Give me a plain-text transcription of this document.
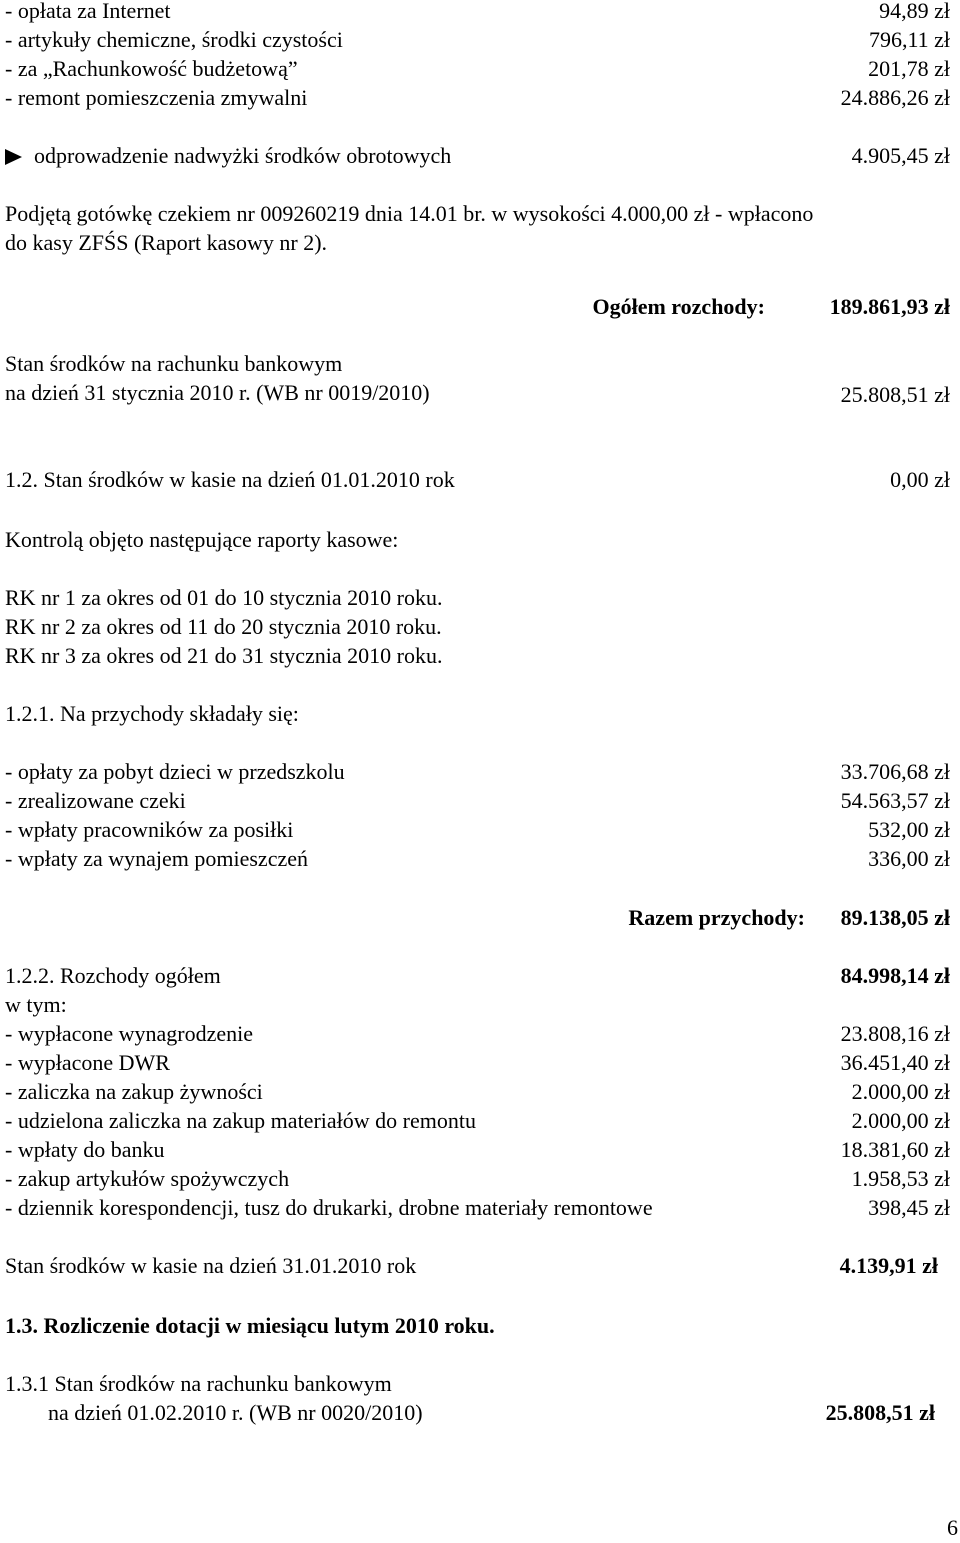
- opłata za Internet	94,89 zł
- artykuły chemiczne, środki czystości	796,11 zł
- za „Rachunkowość budżetową”	201,78 zł
- remont pomieszczenia zmywalni	24.886,26 zł
odprowadzenie nadwyżki środków obrotowych	4.905,45 zł
Podjętą gotówkę czekiem nr 009260219 dnia 14.01 br. w wysokości 4.000,00 zł - wpłacono
do kasy ZFŚS (Raport kasowy nr 2).
Ogółem rozchody:	189.861,93 zł
Stan środków na rachunku bankowym
na dzień 31 stycznia 2010 r. (WB nr 0019/2010)	25.808,51 zł
1.2. Stan środków w kasie na dzień 01.01.2010 rok	0,00 zł
Kontrolą objęto następujące raporty kasowe:
RK nr 1 za okres od 01 do 10 stycznia 2010 roku.
RK nr 2 za okres od 11 do 20 stycznia 2010 roku.
RK nr 3 za okres od 21 do 31 stycznia 2010 roku.
1.2.1. Na przychody składały się:
- opłaty za pobyt dzieci w przedszkolu	33.706,68 zł
- zrealizowane czeki	54.563,57 zł
- wpłaty pracowników za posiłki	532,00 zł
- wpłaty za wynajem pomieszczeń	336,00 zł
Razem przychody: 89.138,05 zł
1.2.2. Rozchody ogółem	84.998,14 zł
w tym:
- wypłacone wynagrodzenie	23.808,16 zł
- wypłacone DWR	36.451,40 zł
- zaliczka na zakup żywności	2.000,00 zł
- udzielona zaliczka na zakup materiałów do remontu	2.000,00 zł
- wpłaty do banku	18.381,60 zł
- zakup artykułów spożywczych	1.958,53 zł
- dziennik korespondencji, tusz do drukarki, drobne materiały remontowe	398,45 zł
Stan środków w kasie na dzień 31.01.2010 rok	4.139,91 zł
1.3. Rozliczenie dotacji w miesiącu lutym 2010 roku.
1.3.1 Stan środków na rachunku bankowym
na dzień 01.02.2010 r. (WB nr 0020/2010)	25.808,51 zł
6
